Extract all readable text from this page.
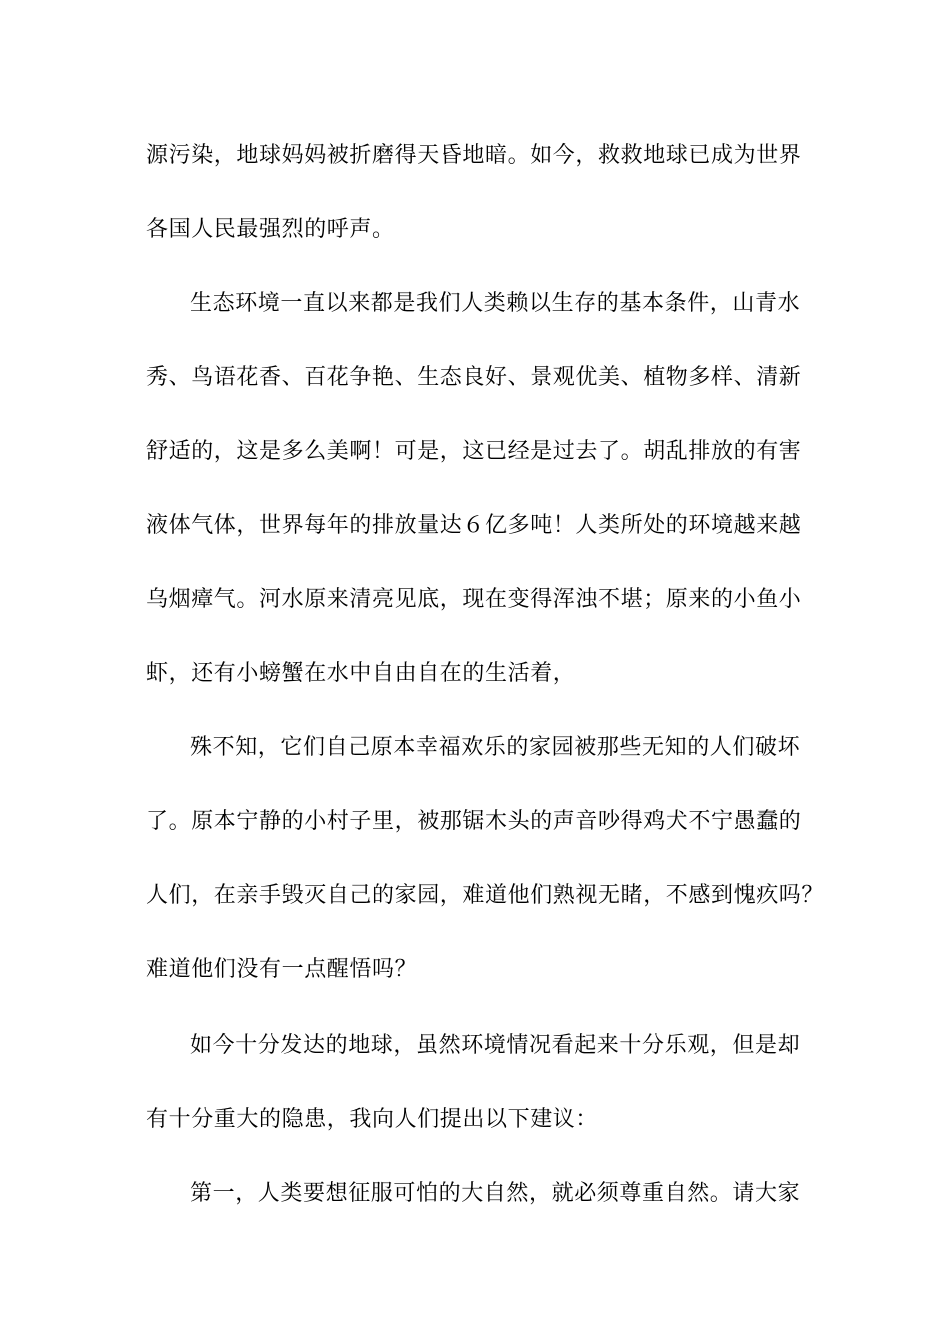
源污染，地球妈妈被折磨得天昏地暗。如今，救救地球已成为世界
各国人民最强烈的呼声。
生态环境一直以来都是我们人类赖以生存的基本条件，山青水
秀、鸟语花香、百花争艳、生态良好、景观优美、植物多样、清新
舒适的，这是多么美啊！可是，这已经是过去了。胡乱排放的有害
液体气体，世界每年的排放量达６亿多吨！人类所处的环境越来越
乌烟瘴气。河水原来清亮见底，现在变得浑浊不堪；原来的小鱼小
虾，还有小螃蟹在水中自由自在的生活着，
殊不知，它们自己原本幸福欢乐的家园被那些无知的人们破坏
了。原本宁静的小村子里，被那锯木头的声音吵得鸡犬不宁愚蠢的
人们，在亲手毁灭自己的家园，难道他们熟视无睹，不感到愧疚吗？
难道他们没有一点醒悟吗？
如今十分发达的地球，虽然环境情况看起来十分乐观，但是却
有十分重大的隐患，我向人们提出以下建议：
第一，人类要想征服可怕的大自然，就必须尊重自然。请大家
